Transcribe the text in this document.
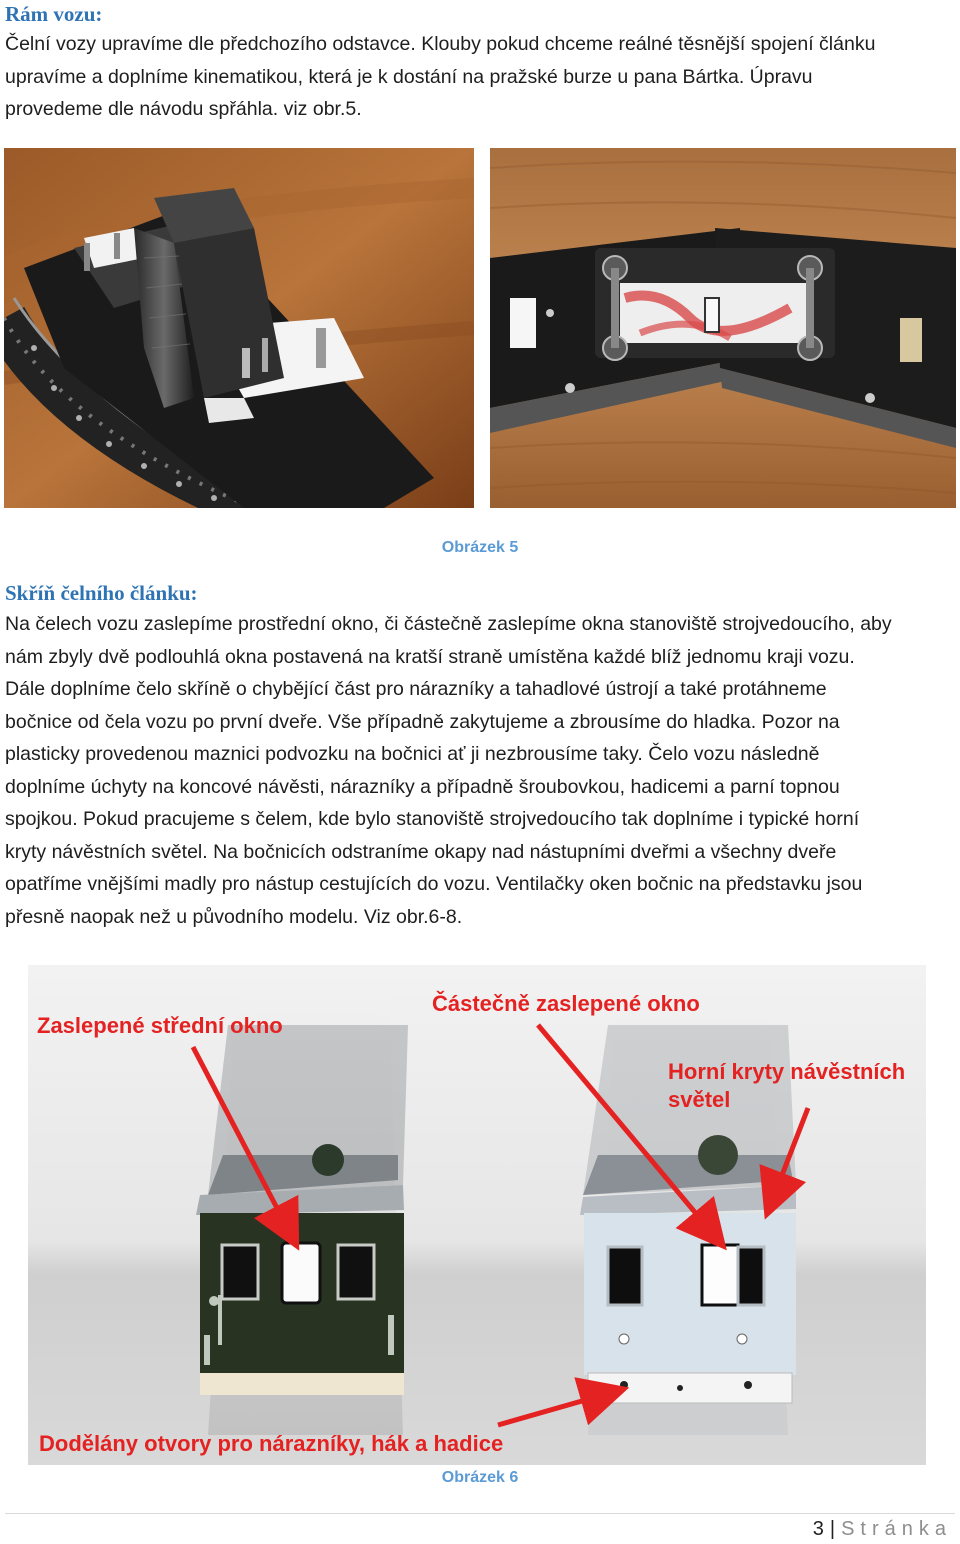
Rám vozu:

Čelní vozy upravíme dle předchozího odstavce. Klouby pokud chceme reálné těsnější spojení článku
upravíme a doplníme kinematikou, která je k dostání na pražské burze u pana Bártka. Úpravu
provedeme dle návodu spřáhla. viz obr.5.

Obrázek 5

Skříň čelního článku:

Na čelech vozu zaslepíme prostřední okno, či částečně zaslepíme okna stanoviště strojvedoucího, aby
nám zbyly dvě podlouhlá okna postavená na kratší straně umístěna každé blíž jednomu kraji vozu.
Dále doplníme čelo skříně o chybějící část pro nárazníky a tahadlové ústrojí a také protáhneme
bočnice od čela vozu po první dveře. Vše případně zakytujeme a zbrousíme do hladka. Pozor na
plasticky provedenou maznici podvozku na bočnici ať ji nezbrousíme taky. Čelo vozu následně
doplníme úchyty na koncové návěsti, nárazníky a případně šroubovkou, hadicemi a parní topnou
spojkou. Pokud pracujeme s čelem, kde bylo stanoviště strojvedoucího tak doplníme i typické horní
kryty návěstních světel. Na bočnicích odstraníme okapy nad nástupními dveřmi a všechny dveře
opatříme vnějšími madly pro nástup cestujících do vozu. Ventilačky oken bočnic na představku jsou
přesně naopak než u původního modelu. Viz obr.6-8.

Zaslepené střední okno
Částečně zaslepené okno
Horní kryty návěstních
světel
Dodělány otvory pro nárazníky, hák a hadice

Obrázek 6

3 | Stránka
